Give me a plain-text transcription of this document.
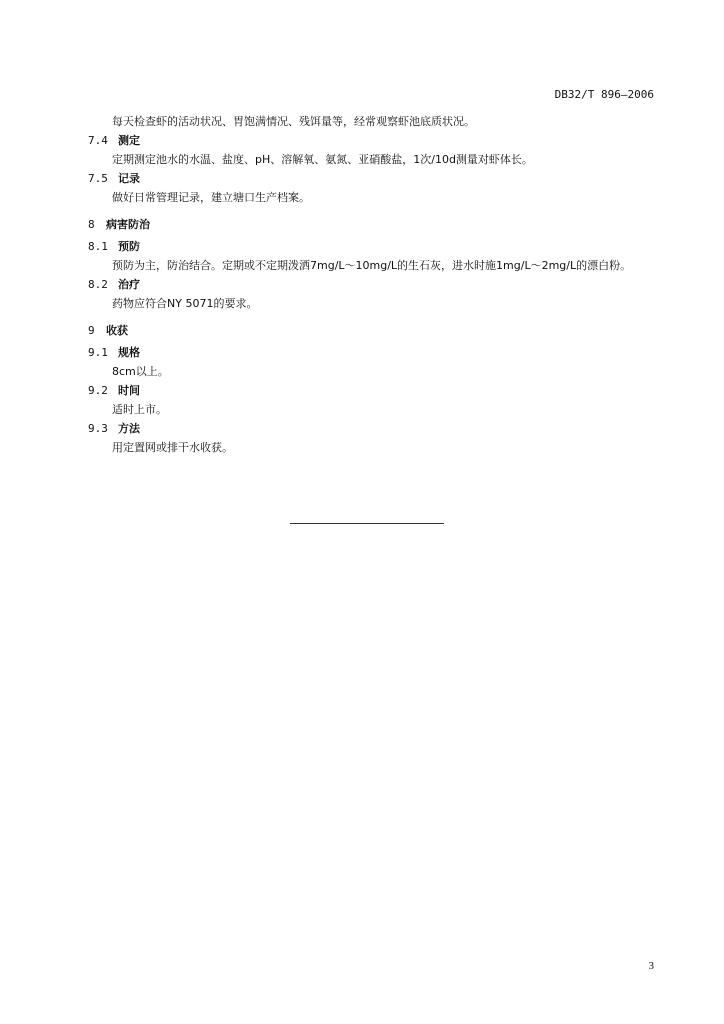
DB32/T 896—2006

每天检查虾的活动状况、胃饱满情况、残饵量等，经常观察虾池底质状况。

7.4 测定

定期测定池水的水温、盐度、pH、溶解氧、氨氮、亚硝酸盐，1次/10d测量对虾体长。

7.5 记录

做好日常管理记录，建立塘口生产档案。

8 病害防治
8.1 预防

预防为主，防治结合。定期或不定期泼洒7mg/L～10mg/L的生石灰，进水时施1mg/L～2mg/L的漂白粉。

8.2 治疗

药物应符合NY 5071的要求。

9 收获
9.1 规格

8cm以上。

9.2 时间

适时上市。

9.3 方法

用定置网或排干水收获。

3
